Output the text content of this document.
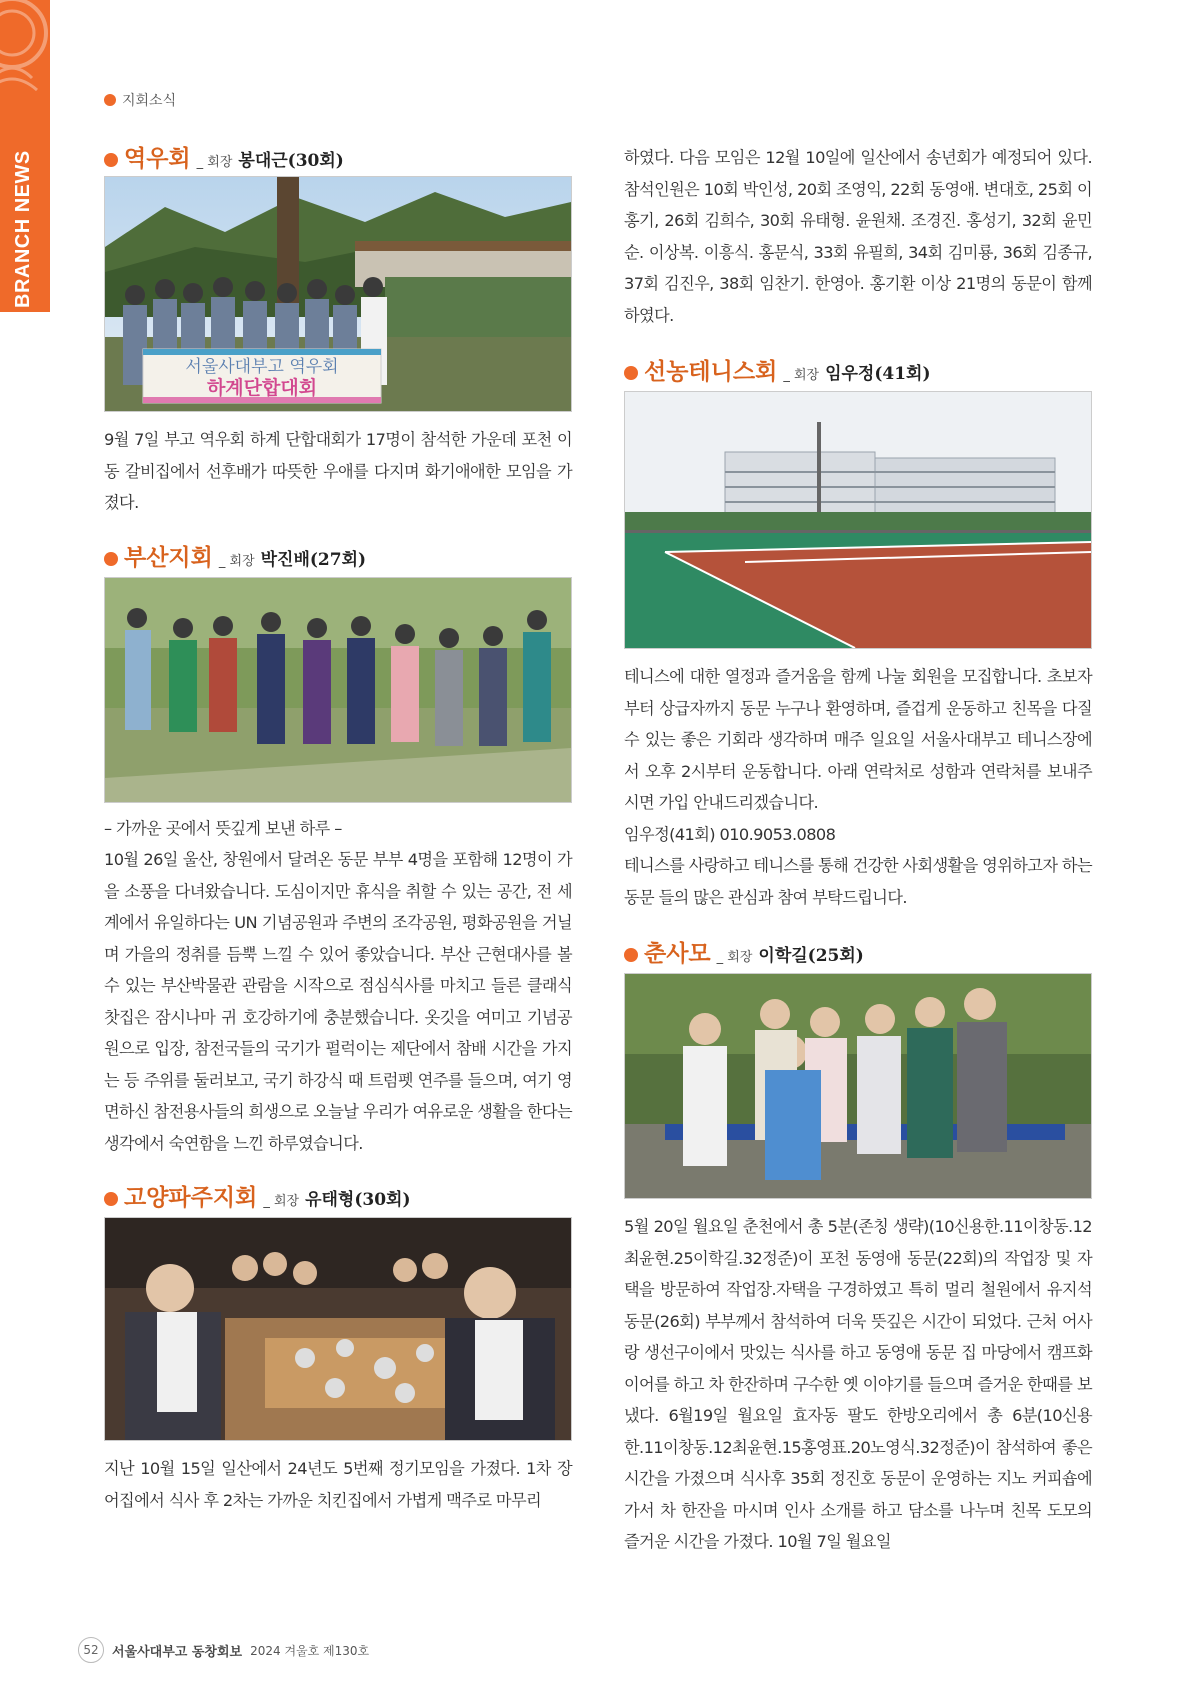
BRANCH NEWS
지회소식
역우회 _ 회장 봉대근(30회)
서울사대부고 역우회
하계단합대회

9월 7일 부고 역우회 하계 단합대회가 17명이 참석한 가운데 포천 이동 갈비집에서 선후배가 따뜻한 우애를 다지며 화기애애한 모임을 가졌다.

부산지회 _ 회장 박진배(27회)

– 가까운 곳에서 뜻깊게 보낸 하루 –

10월 26일 울산, 창원에서 달려온 동문 부부 4명을 포함해 12명이 가을 소풍을 다녀왔습니다. 도심이지만 휴식을 취할 수 있는 공간, 전 세계에서 유일하다는 UN 기념공원과 주변의 조각공원, 평화공원을 거닐며 가을의 정취를 듬뿍 느낄 수 있어 좋았습니다. 부산 근현대사를 볼 수 있는 부산박물관 관람을 시작으로 점심식사를 마치고 들른 클래식 찻집은 잠시나마 귀 호강하기에 충분했습니다. 옷깃을 여미고 기념공원으로 입장, 참전국들의 국기가 펄럭이는 제단에서 참배 시간을 가지는 등 주위를 둘러보고, 국기 하강식 때 트럼펫 연주를 들으며, 여기 영면하신 참전용사들의 희생으로 오늘날 우리가 여유로운 생활을 한다는 생각에서 숙연함을 느낀 하루였습니다.

고양파주지회 _ 회장 유태형(30회)

지난 10월 15일 일산에서 24년도 5번째 정기모임을 가졌다. 1차 장어집에서 식사 후 2차는 가까운 치킨집에서 가볍게 맥주로 마무리

하였다. 다음 모임은 12월 10일에 일산에서 송년회가 예정되어 있다. 참석인원은 10회 박인성, 20회 조영익, 22회 동영애. 변대호, 25회 이홍기, 26회 김희수, 30회 유태형. 윤원채. 조경진. 홍성기, 32회 윤민순. 이상복. 이흥식. 홍문식, 33회 유필희, 34회 김미룡, 36회 김종규, 37회 김진우, 38회 임찬기. 한영아. 홍기환 이상 21명의 동문이 함께 하였다.

선농테니스회 _ 회장 임우정(41회)

테니스에 대한 열정과 즐거움을 함께 나눌 회원을 모집합니다. 초보자부터 상급자까지 동문 누구나 환영하며, 즐겁게 운동하고 친목을 다질 수 있는 좋은 기회라 생각하며 매주 일요일 서울사대부고 테니스장에서 오후 2시부터 운동합니다. 아래 연락처로 성함과 연락처를 보내주시면 가입 안내드리겠습니다.

임우정(41회) 010.9053.0808

테니스를 사랑하고 테니스를 통해 건강한 사회생활을 영위하고자 하는 동문 들의 많은 관심과 참여 부탁드립니다.

춘사모 _ 회장 이학길(25회)

5월 20일 월요일 춘천에서 총 5분(존칭 생략)(10신용한.11이창동.12최윤현.25이학길.32정준)이 포천 동영애 동문(22회)의 작업장 및 자택을 방문하여 작업장.자택을 구경하였고 특히 멀리 철원에서 유지석 동문(26회) 부부께서 참석하여 더욱 뜻깊은 시간이 되었다. 근처 어사랑 생선구이에서 맛있는 식사를 하고 동영애 동문 집 마당에서 캠프화이어를 하고 차 한잔하며 구수한 옛 이야기를 들으며 즐거운 한때를 보냈다. 6월19일 월요일 효자동 팔도 한방오리에서 총 6분(10신용한.11이창동.12최윤현.15홍영표.20노영식.32정준)이 참석하여 좋은시간을 가졌으며 식사후 35회 정진호 동문이 운영하는 지노 커피숍에 가서 차 한잔을 마시며 인사 소개를 하고 담소를 나누며 친목 도모의 즐거운 시간을 가졌다. 10월 7일 월요일

52	서울사대부고 동창회보 2024 겨울호 제130호
